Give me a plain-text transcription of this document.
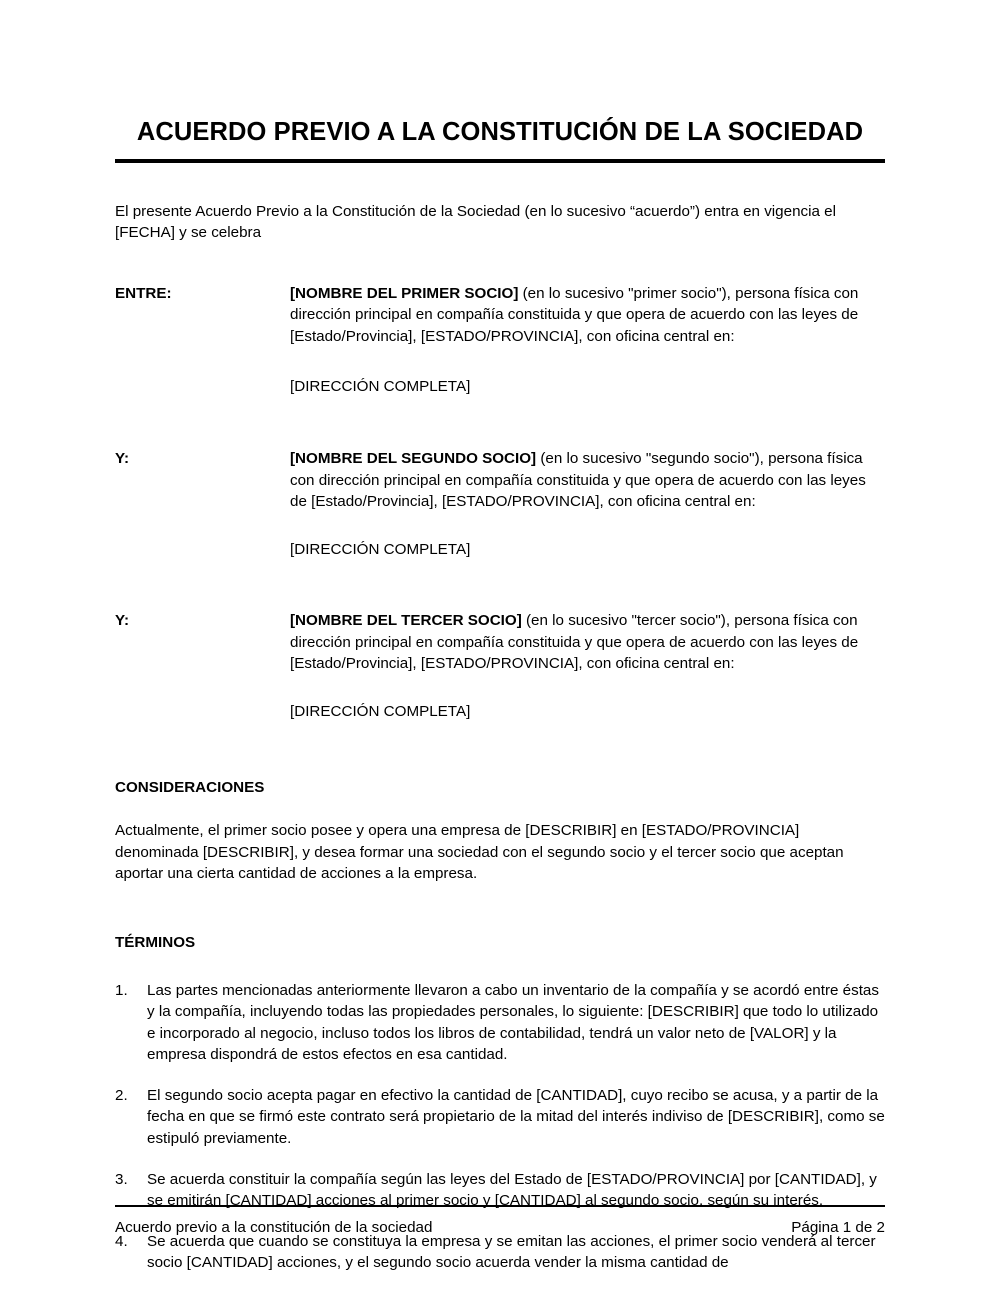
ACUERDO PREVIO A LA CONSTITUCIÓN DE LA SOCIEDAD

El presente Acuerdo Previo a la Constitución de la Sociedad (en lo sucesivo “acuerdo”) entra en vigencia el [FECHA] y se celebra

ENTRE:	[NOMBRE DEL PRIMER SOCIO] (en lo sucesivo "primer socio"), persona física con dirección principal en compañía constituida y que opera de acuerdo con las leyes de [Estado/Provincia], [ESTADO/PROVINCIA], con oficina central en:
[DIRECCIÓN COMPLETA]
Y:	[NOMBRE DEL SEGUNDO SOCIO] (en lo sucesivo "segundo socio"), persona física con dirección principal en compañía constituida y que opera de acuerdo con las leyes de [Estado/Provincia], [ESTADO/PROVINCIA], con oficina central en:
[DIRECCIÓN COMPLETA]
Y:	[NOMBRE DEL TERCER SOCIO] (en lo sucesivo "tercer socio"), persona física con dirección principal en compañía constituida y que opera de acuerdo con las leyes de [Estado/Provincia], [ESTADO/PROVINCIA], con oficina central en:
[DIRECCIÓN COMPLETA]
CONSIDERACIONES

Actualmente, el primer socio posee y opera una empresa de [DESCRIBIR] en [ESTADO/PROVINCIA] denominada [DESCRIBIR], y desea formar una sociedad con el segundo socio y el tercer socio que aceptan aportar una cierta cantidad de acciones a la empresa.

TÉRMINOS
1.	Las partes mencionadas anteriormente llevaron a cabo un inventario de la compañía y se acordó entre éstas y la compañía, incluyendo todas las propiedades personales, lo siguiente: [DESCRIBIR] que todo lo utilizado e incorporado al negocio, incluso todos los libros de contabilidad, tendrá un valor neto de [VALOR] y la empresa dispondrá de estos efectos en esa cantidad.
2.	El segundo socio acepta pagar en efectivo la cantidad de [CANTIDAD], cuyo recibo se acusa, y a partir de la fecha en que se firmó este contrato será propietario de la mitad del interés indiviso de [DESCRIBIR], como se estipuló previamente.
3.	Se acuerda constituir la compañía según las leyes del Estado de [ESTADO/PROVINCIA] por [CANTIDAD], y se emitirán [CANTIDAD] acciones al primer socio y [CANTIDAD] al segundo socio, según su interés.
4.	Se acuerda que cuando se constituya la empresa y se emitan las acciones, el primer socio venderá al tercer socio [CANTIDAD] acciones, y el segundo socio acuerda vender la misma cantidad de
Acuerdo previo a la constitución de la sociedad	Página 1 de 2
